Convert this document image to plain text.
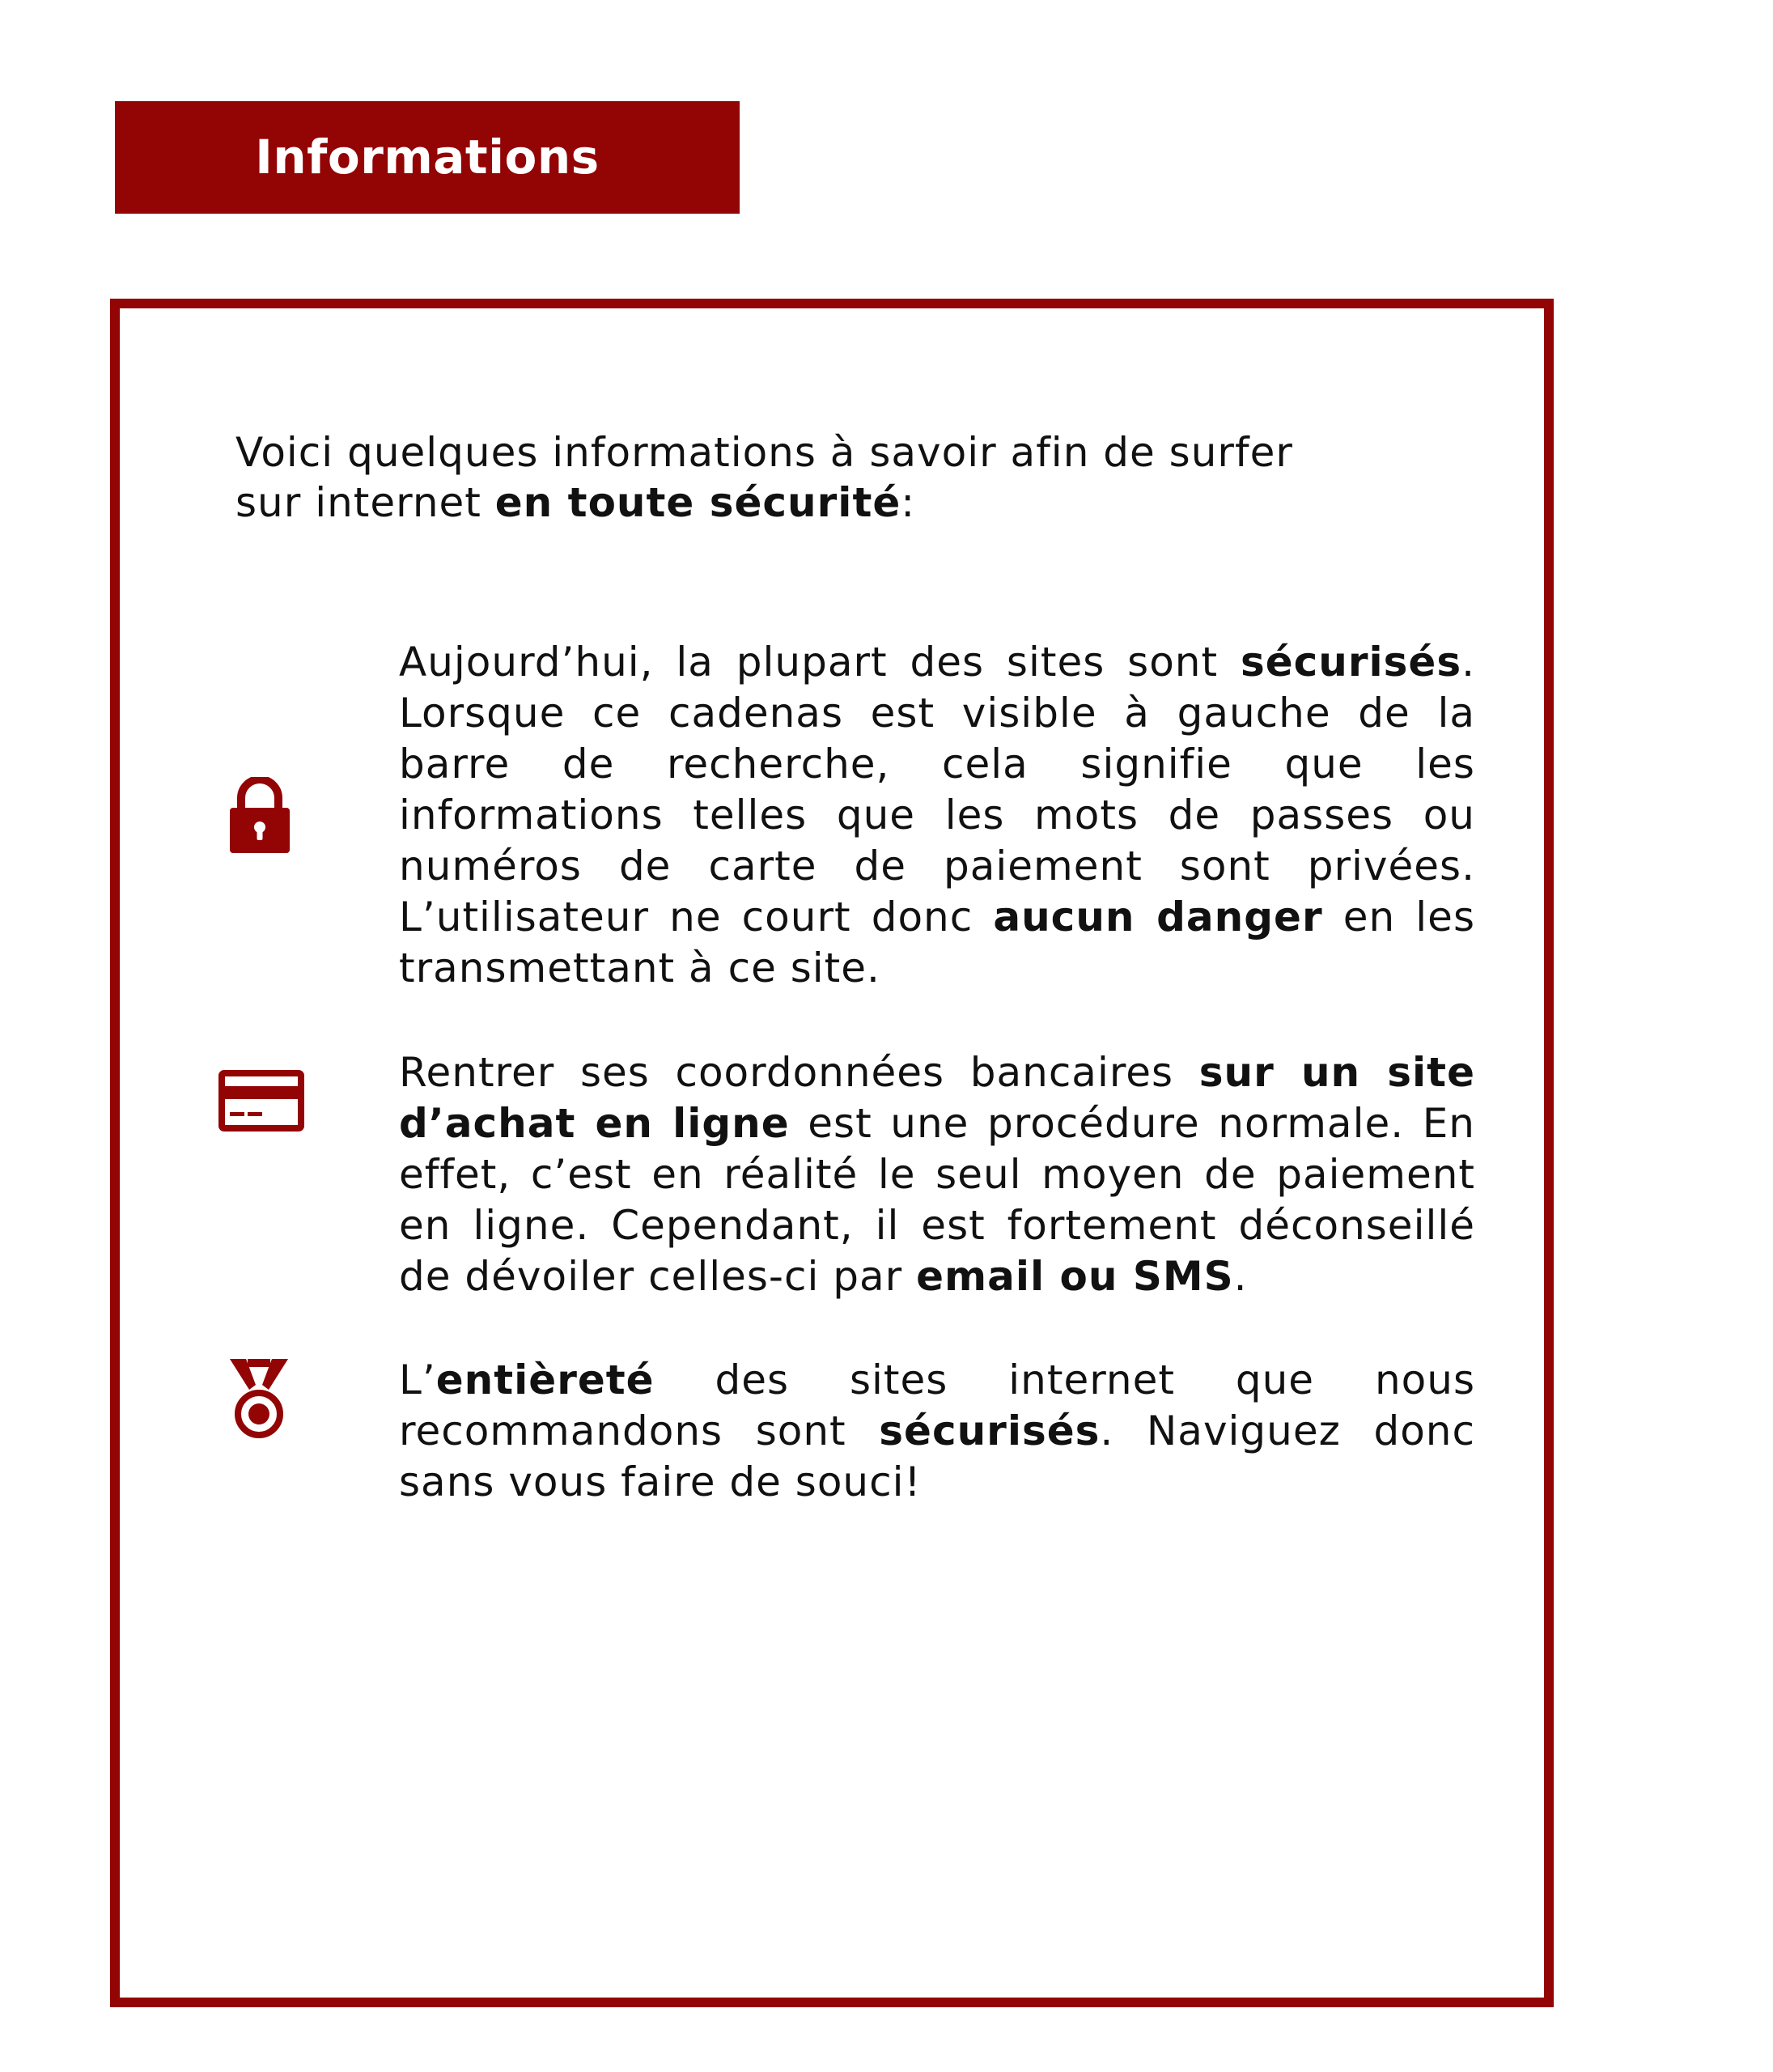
Informations générales
Voici quelques informations à savoir afin de surfer sur internet en toute sécurité:
Aujourd’hui, la plupart des sites sont sécurisés. Lorsque ce cadenas est visible à gauche de la barre de recherche, cela signifie que les informations telles que les mots de passes ou numéros de carte de paiement sont privées. L’utilisateur ne court donc aucun danger en les transmettant à ce site.
Rentrer ses coordonnées bancaires sur un site d’achat en ligne est une procédure normale. En effet, c’est en réalité le seul moyen de paiement en ligne. Cependant, il est fortement déconseillé de dévoiler celles-ci par email ou SMS.
L’entièreté des sites internet que nous recommandons sont sécurisés. Naviguez donc sans vous faire de souci!
